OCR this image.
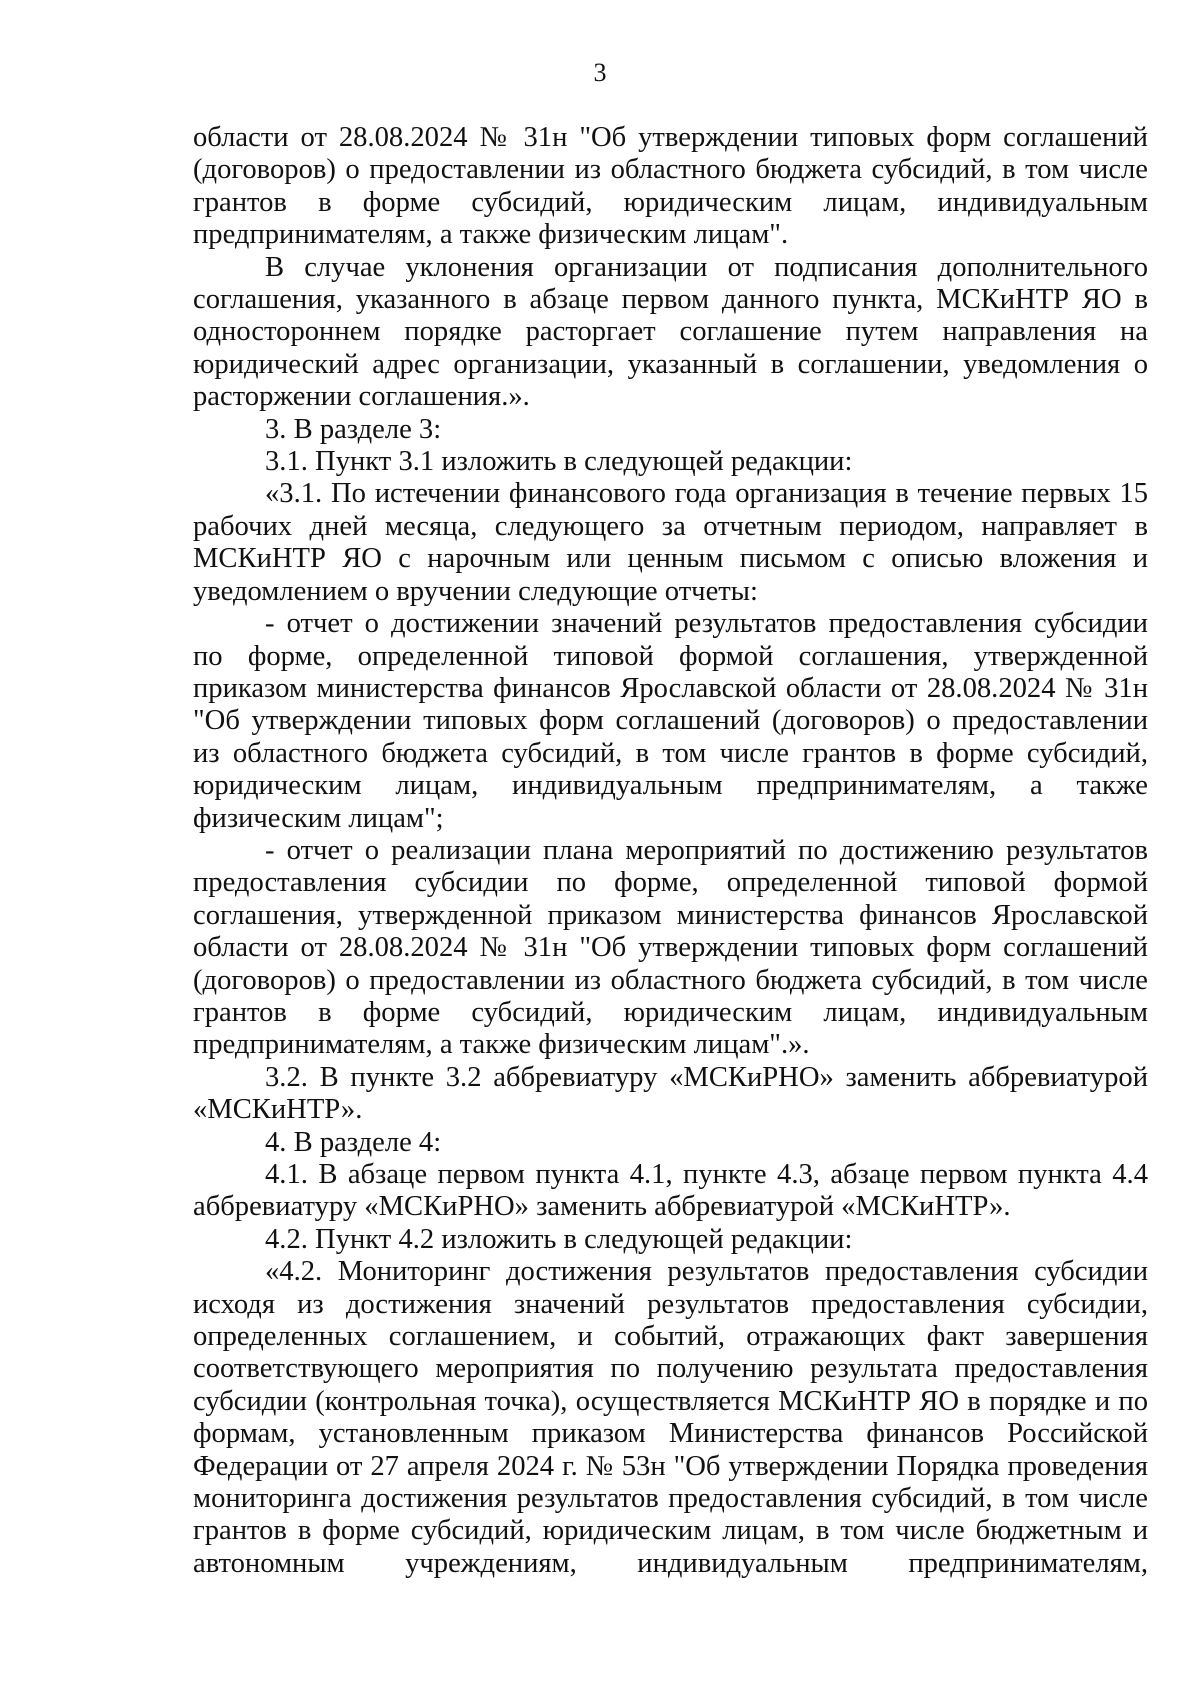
3

области от 28.08.2024 № 31н "Об утверждении типовых форм соглашений (договоров) о предоставлении из областного бюджета субсидий, в том числе грантов в форме субсидий, юридическим лицам, индивидуальным предпринимателям, а также физическим лицам".

В случае уклонения организации от подписания дополнительного соглашения, указанного в абзаце первом данного пункта, МСКиНТР ЯО в одностороннем порядке расторгает соглашение путем направления на юридический адрес организации, указанный в соглашении, уведомления о расторжении соглашения.».

3. В разделе 3:

3.1. Пункт 3.1 изложить в следующей редакции:

«3.1. По истечении финансового года организация в течение первых 15 рабочих дней месяца, следующего за отчетным периодом, направляет в МСКиНТР ЯО с нарочным или ценным письмом с описью вложения и уведомлением о вручении следующие отчеты:

- отчет о достижении значений результатов предоставления субсидии по форме, определенной типовой формой соглашения, утвержденной приказом министерства финансов Ярославской области от 28.08.2024 № 31н "Об утверждении типовых форм соглашений (договоров) о предоставлении из областного бюджета субсидий, в том числе грантов в форме субсидий, юридическим лицам, индивидуальным предпринимателям, а также физическим лицам";

- отчет о реализации плана мероприятий по достижению результатов предоставления субсидии по форме, определенной типовой формой соглашения, утвержденной приказом министерства финансов Ярославской области от 28.08.2024 № 31н "Об утверждении типовых форм соглашений (договоров) о предоставлении из областного бюджета субсидий, в том числе грантов в форме субсидий, юридическим лицам, индивидуальным предпринимателям, а также физическим лицам".».

3.2. В пункте 3.2 аббревиатуру «МСКиРНО» заменить аббревиатурой «МСКиНТР».

4. В разделе 4:

4.1. В абзаце первом пункта 4.1, пункте 4.3, абзаце первом пункта 4.4 аббревиатуру «МСКиРНО» заменить аббревиатурой «МСКиНТР».

4.2. Пункт 4.2 изложить в следующей редакции:

«4.2. Мониторинг достижения результатов предоставления субсидии исходя из достижения значений результатов предоставления субсидии, определенных соглашением, и событий, отражающих факт завершения соответствующего мероприятия по получению результата предоставления субсидии (контрольная точка), осуществляется МСКиНТР ЯО в порядке и по формам, установленным приказом Министерства финансов Российской Федерации от 27 апреля 2024 г. № 53н "Об утверждении Порядка проведения мониторинга достижения результатов предоставления субсидий, в том числе грантов в форме субсидий, юридическим лицам, в том числе бюджетным и автономным учреждениям, индивидуальным предпринимателям,
